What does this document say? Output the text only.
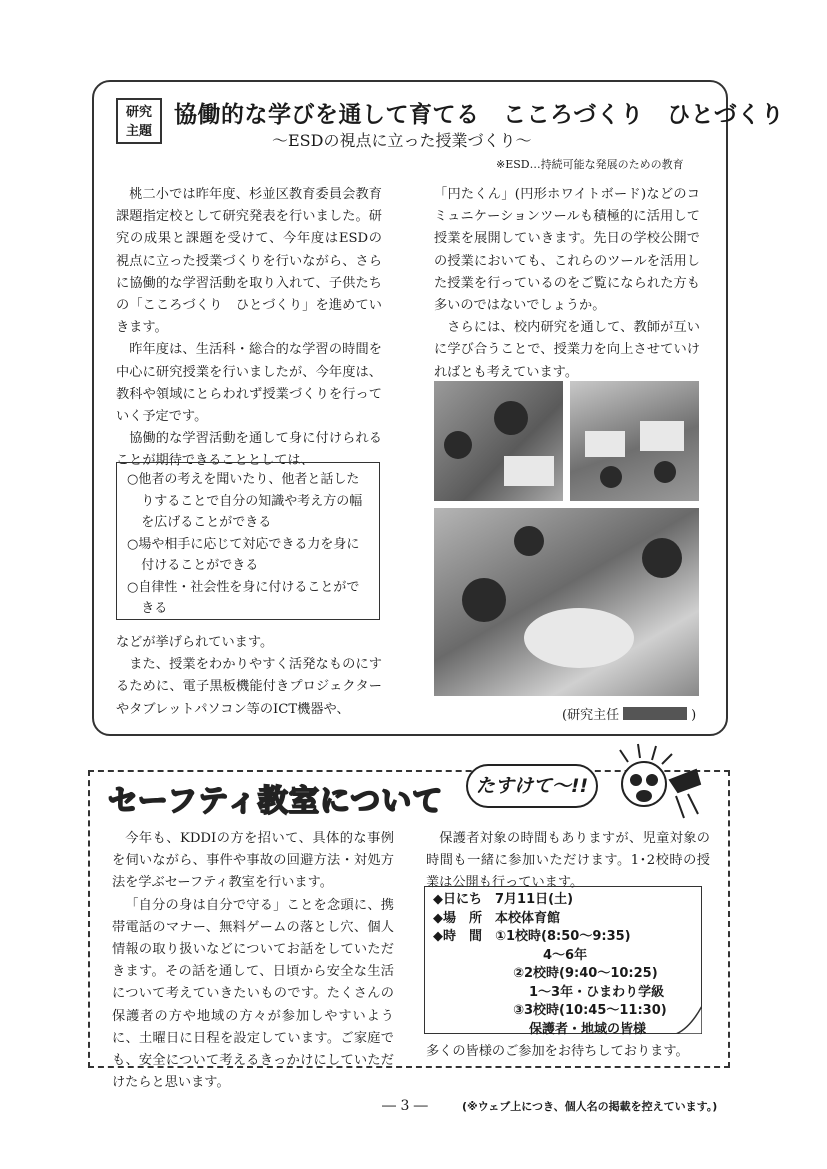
研究
主題
協働的な学びを通して育てる　こころづくり　ひとづくり
～ESDの視点に立った授業づくり～
※ESD…持続可能な発展のための教育

桃二小では昨年度、杉並区教育委員会教育課題指定校として研究発表を行いました。研究の成果と課題を受けて、今年度はESDの視点に立った授業づくりを行いながら、さらに協働的な学習活動を取り入れて、子供たちの「こころづくり　ひとづくり」を進めていきます。

昨年度は、生活科・総合的な学習の時間を中心に研究授業を行いましたが、今年度は、教科や領域にとらわれず授業づくりを行っていく予定です。

協働的な学習活動を通して身に付けられることが期待できることとしては、

○他者の考えを聞いたり、他者と話したりすることで自分の知識や考え方の幅を広げることができる

○場や相手に応じて対応できる力を身に付けることができる

○自律性・社会性を身に付けることができる

などが挙げられています。

また、授業をわかりやすく活発なものにするために、電子黒板機能付きプロジェクターやタブレットパソコン等のICT機器や、

「円たくん」(円形ホワイトボード)などのコミュニケーションツールも積極的に活用して授業を展開していきます。先日の学校公開での授業においても、これらのツールを活用した授業を行っているのをご覧になられた方も多いのではないでしょうか。

さらには、校内研究を通して、教師が互いに学び合うことで、授業力を向上させていければとも考えています。

(研究主任	)
セーフティ教室について	たすけて～!!

今年も、KDDIの方を招いて、具体的な事例を伺いながら、事件や事故の回避方法・対処方法を学ぶセーフティ教室を行います。

「自分の身は自分で守る」ことを念頭に、携帯電話のマナー、無料ゲームの落とし穴、個人情報の取り扱いなどについてお話をしていただきます。その話を通して、日頃から安全な生活について考えていきたいものです。たくさんの保護者の方や地域の方々が参加しやすいように、土曜日に日程を設定しています。ご家庭でも、安全について考えるきっかけにしていただけたらと思います。

保護者対象の時間もありますが、児童対象の時間も一緒に参加いただけます。1･2校時の授業は公開も行っています。

◆日にち　7月11日(土)
◆場　所　本校体育館
◆時　間　①1校時(8:50～9:35)
4～6年
②2校時(9:40～10:25)
1～3年・ひまわり学級
③3校時(10:45～11:30)
保護者・地域の皆様
多くの皆様のご参加をお待ちしております。
― 3 ―	(※ウェブ上につき、個人名の掲載を控えています。)
